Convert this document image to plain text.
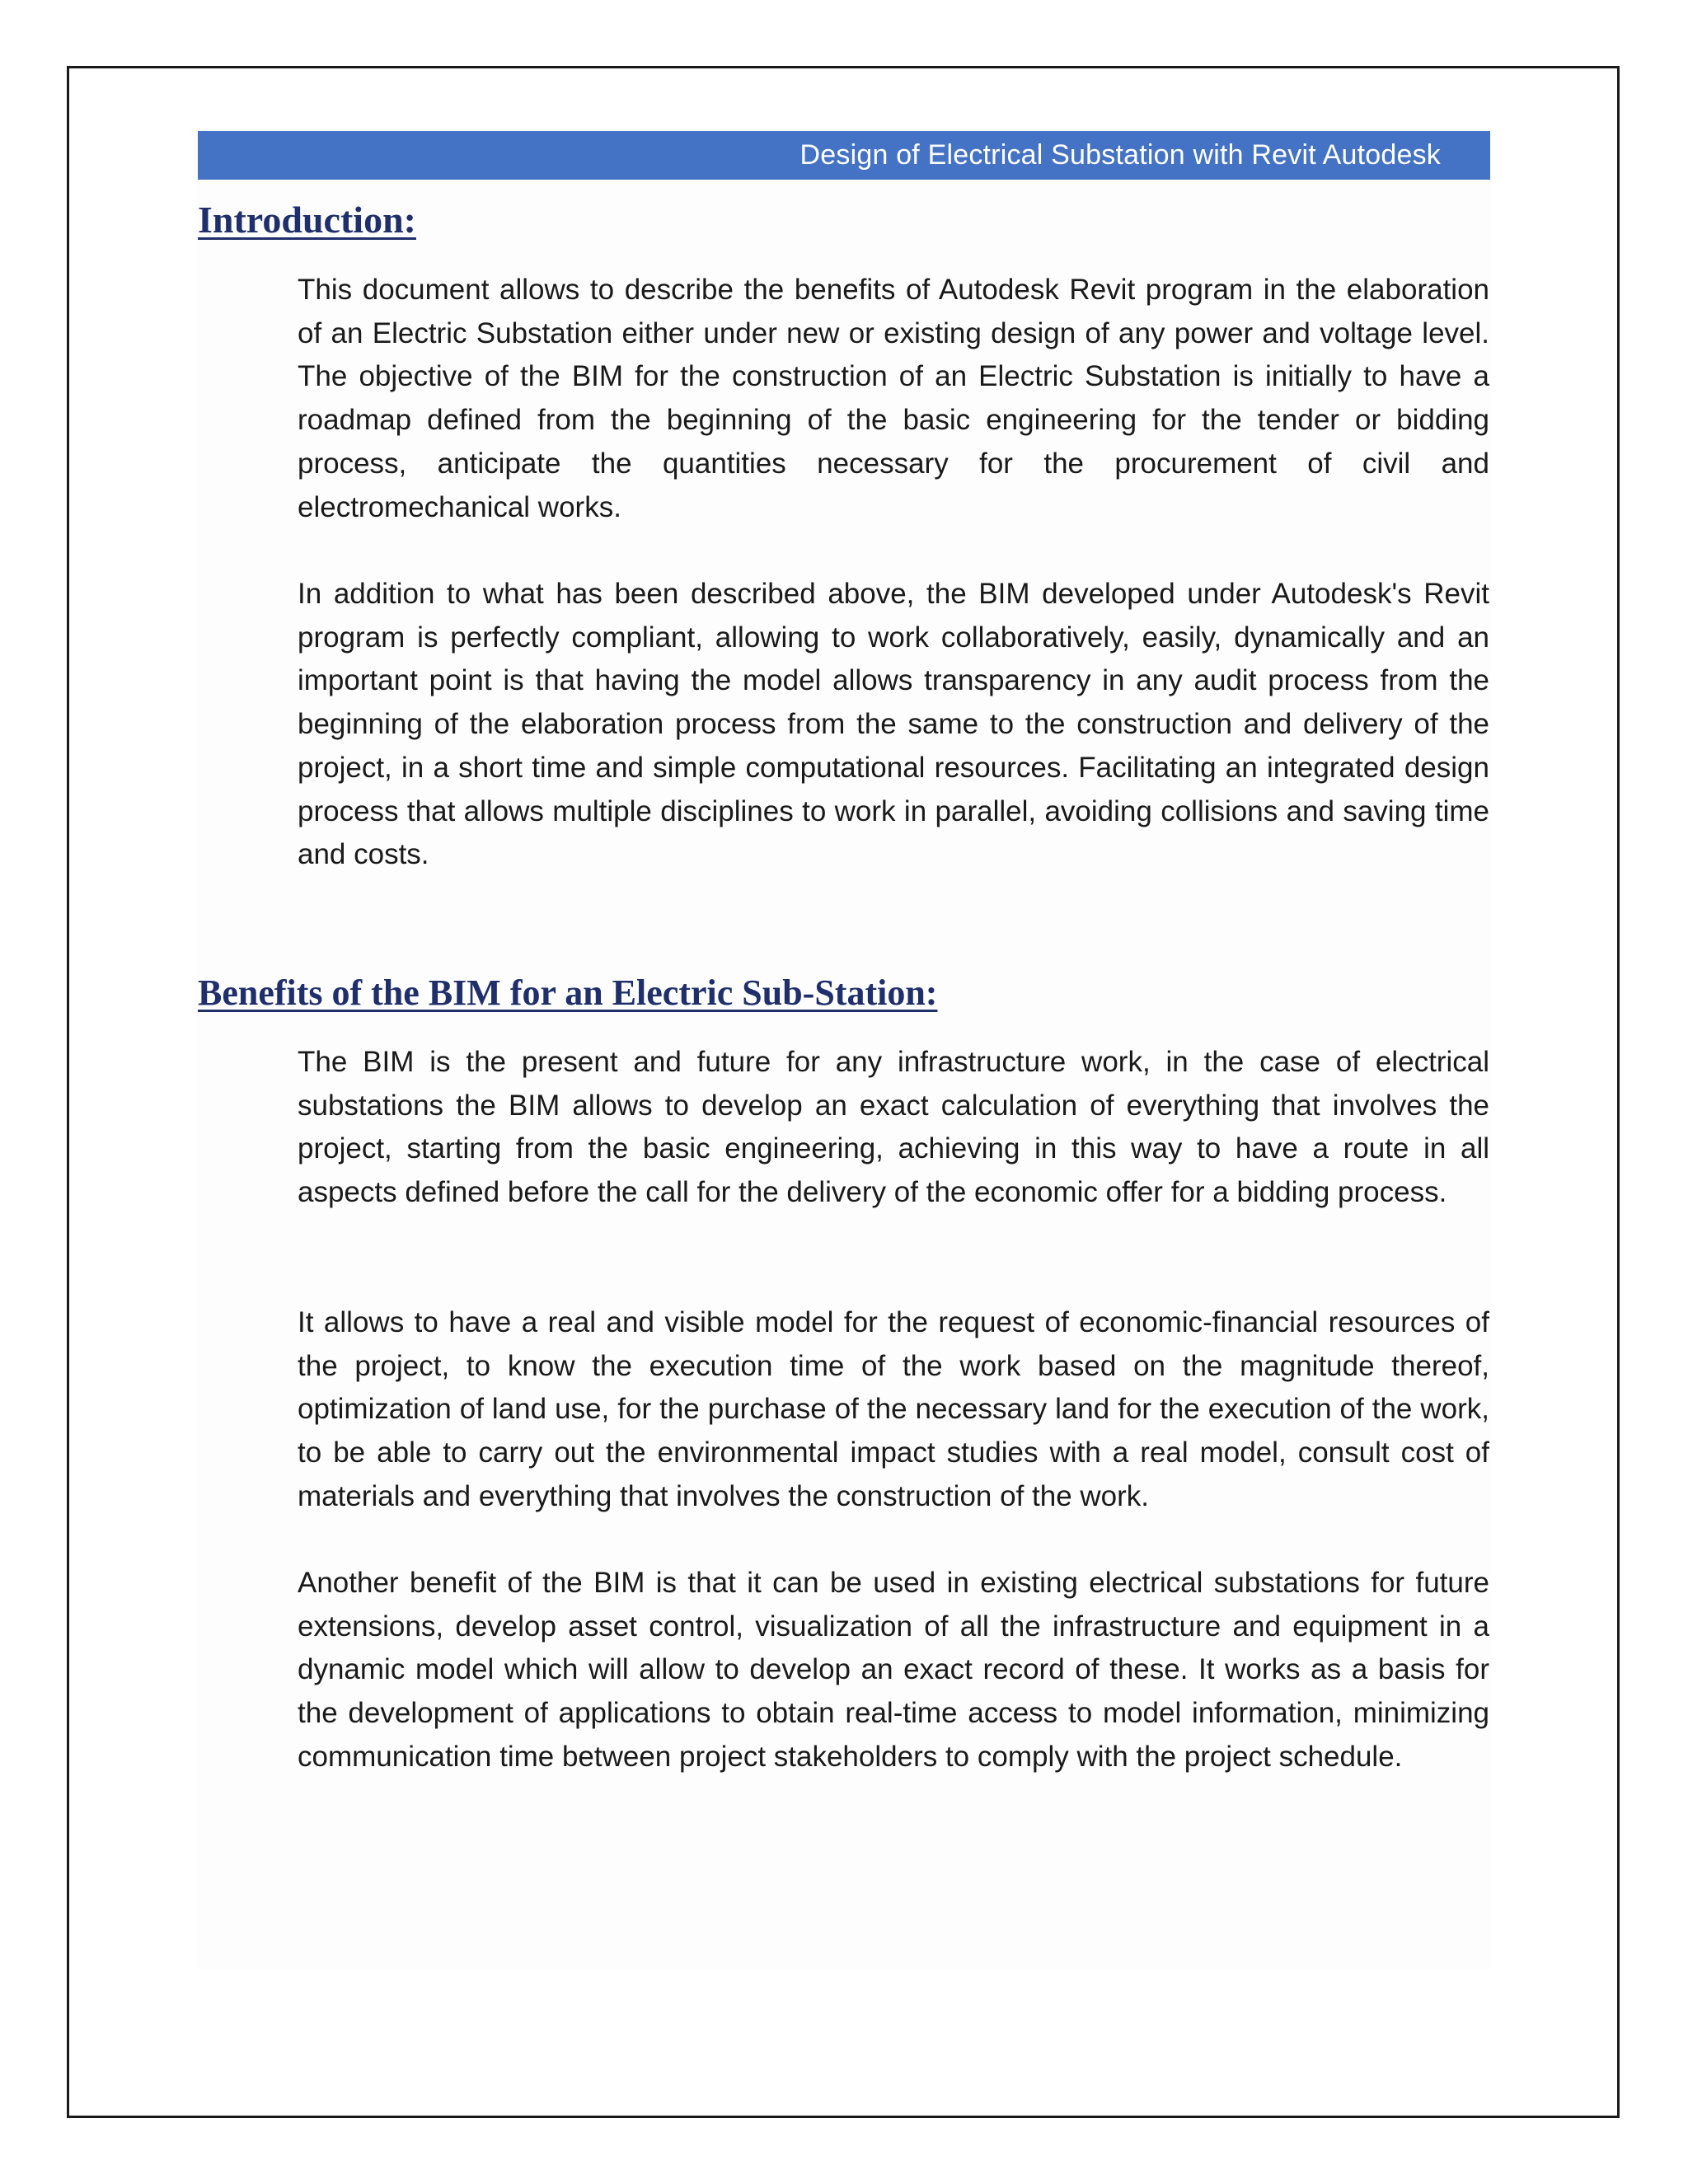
Design of Electrical Substation with Revit Autodesk
Introduction:

This document allows to describe the benefits of Autodesk Revit program in the elaboration of an Electric Substation either under new or existing design of any power and voltage level. The objective of the BIM for the construction of an Electric Substation is initially to have a roadmap defined from the beginning of the basic engineering for the tender or bidding process, anticipate the quantities necessary for the procurement of civil and electromechanical works.

In addition to what has been described above, the BIM developed under Autodesk's Revit program is perfectly compliant, allowing to work collaboratively, easily, dynamically and an important point is that having the model allows transparency in any audit process from the beginning of the elaboration process from the same to the construction and delivery of the project, in a short time and simple computational resources. Facilitating an integrated design process that allows multiple disciplines to work in parallel, avoiding collisions and saving time and costs.

Benefits of the BIM for an Electric Sub-Station:

The BIM is the present and future for any infrastructure work, in the case of electrical substations the BIM allows to develop an exact calculation of everything that involves the project, starting from the basic engineering, achieving in this way to have a route in all aspects defined before the call for the delivery of the economic offer for a bidding process.

It allows to have a real and visible model for the request of economic-financial resources of the project, to know the execution time of the work based on the magnitude thereof, optimization of land use, for the purchase of the necessary land for the execution of the work, to be able to carry out the environmental impact studies with a real model, consult cost of materials and everything that involves the construction of the work.

Another benefit of the BIM is that it can be used in existing electrical substations for future extensions, develop asset control, visualization of all the infrastructure and equipment in a dynamic model which will allow to develop an exact record of these. It works as a basis for the development of applications to obtain real-time access to model information, minimizing communication time between project stakeholders to comply with the project schedule.
